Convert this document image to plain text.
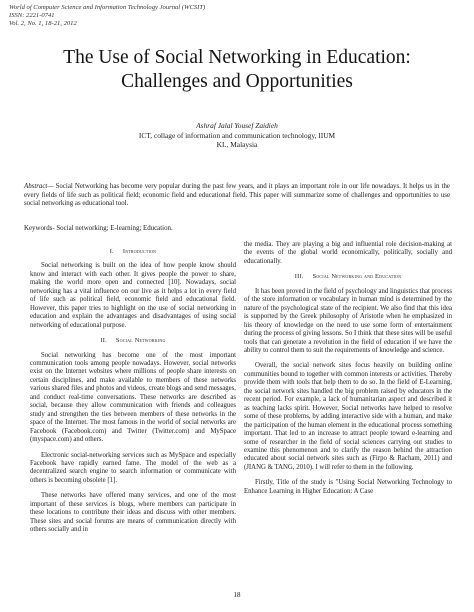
World of Computer Science and Information Technology Journal (WCSIT)
ISSN: 2221-0741
Vol. 2, No. 1, 18-21, 2012
The Use of Social Networking in Education:
Challenges and Opportunities
Ashraf Jalal Yousef Zaidieh
ICT, collage of information and communication technology, IIUM
KL, Malaysia
Abstract— Social Networking has become very popular during the past few years, and it plays an important role in our life nowadays. It helps us in the every fields of life such as political field; economic field and educational field. This paper will summarize some of challenges and opportunities to use social networking as educational tool.
Keywords- Social networking; E-learning; Education.
I. Introduction

Social networking is built on the idea of how people know should know and interact with each other. It gives people the power to share, making the world more open and connected [10]. Nowadays, social networking has a vital influence on our live as it helps a lot in every field of life such as political field, economic field and educational field. However, this paper tries to highlight on the use of social networking in education and explain the advantages and disadvantages of using social networking of educational purpose.

II. Social Networking

Social networking has become one of the most important communication tools among people nowadays. However, social networks exist on the Internet websites where millions of people share interests on certain disciplines, and make available to members of these networks various shared files and photos and videos, create blogs and send messages, and conduct real-time conversations. These networks are described as social, because they allow communication with friends and colleagues study and strengthen the ties between members of these networks in the space of the Internet. The most famous in the world of social networks are Facebook (Facebook.com) and Twitter (Twitter.com) and MySpace (myspace.com) and others.

Electronic social-networking services such as MySpace and especially Facebook have rapidly earned fame. The model of the web as a decentralized search engine to search information or communicate with others is becoming obsolete [1].

These networks have offered many services, and one of the most important of these services is blogs, where members can participate in these locations to contribute their ideas and discuss with other members. These sites and social forums are means of communication directly with others socially and in

the media. They are playing a big and influential role decision-making at the events of the global world economically, politically, socially and educationally.

III. Social Networking and Education

It has been proved in the field of psychology and linguistics that process of the store information or vocabulary in human mind is determined by the nature of the psychological state of the recipient. We also find that this idea is supported by the Greek philosophy of Aristotle when he emphasized in his theory of knowledge on the need to use some form of entertainment during the process of giving lessons. So I think that these sites will be useful tools that can generate a revolution in the field of education if we have the ability to control them to suit the requirements of knowledge and science.

Overall, the social network sites focus heavily on building online communities bound to together with common interests or activities. Thereby provide them with tools that help them to do so. In the field of E-Learning, the social network sites handled the big problem raised by educators in the recent period. For example, a lack of humanitarian aspect and described it as teaching lacks spirit. However, Social networks have helped to resolve some of these problems, by adding interactive side with a human, and make the participation of the human element in the educational process something important. That led to an increase to attract people toward e-learning and some of researcher in the field of social sciences carrying out studies to examine this phenomenon and to clarify the reason behind the attraction educated about social network sites such as (Firpo & Racham, 2011) and (JIANG & TANG, 2010). I will refer to them in the following.

Firstly, Title of the study is "Using Social Networking Technology to Enhance Learning in Higher Education: A Case

18
